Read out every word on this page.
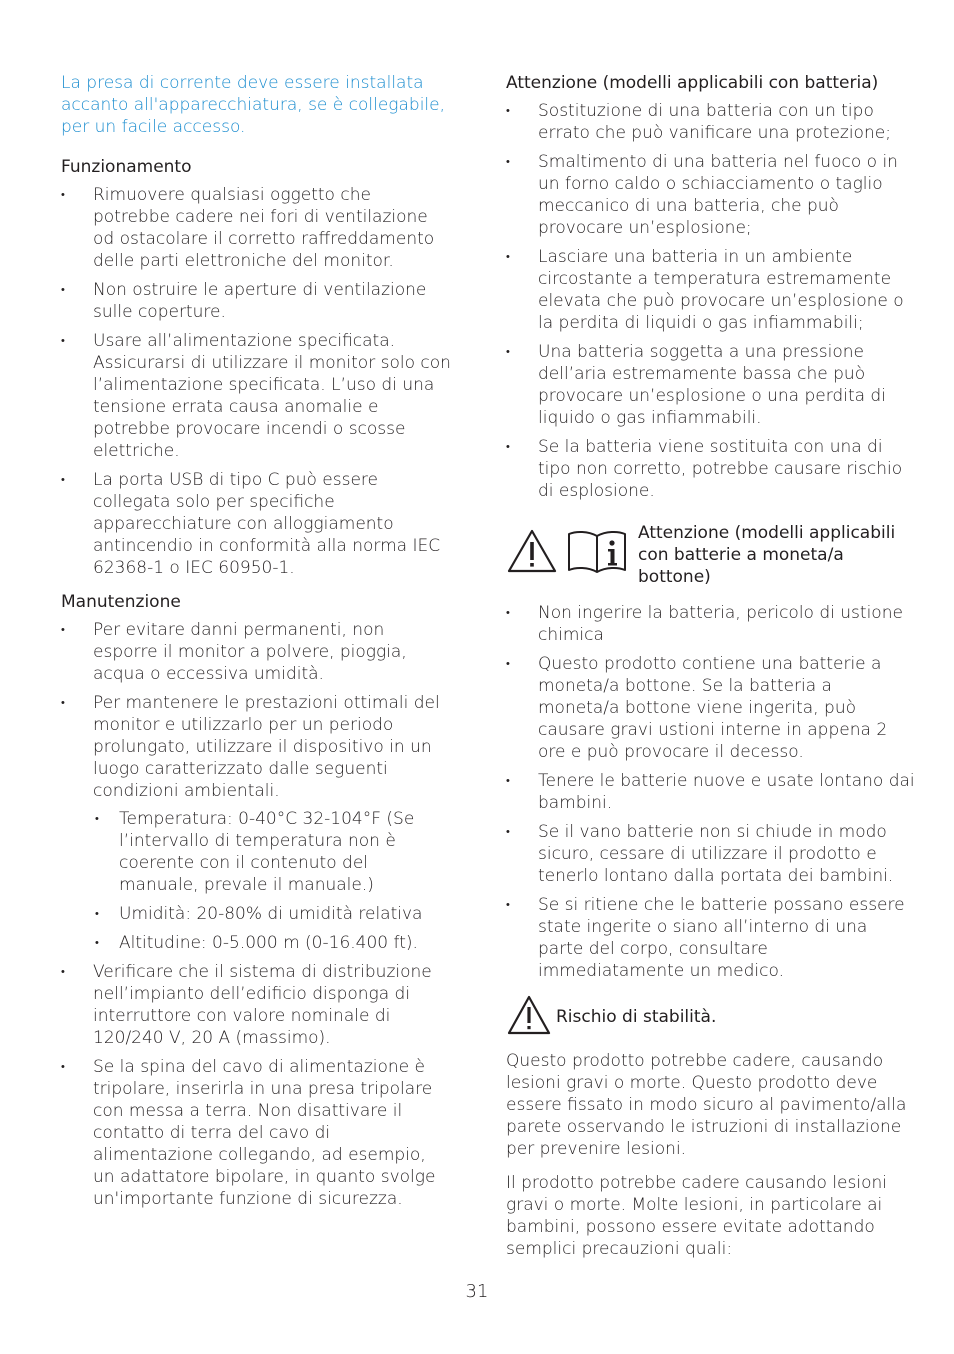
La presa di corrente deve essere installata accanto all'apparecchiatura, se è collegabile, per un facile accesso.

Funzionamento
• Rimuovere qualsiasi oggetto che potrebbe cadere nei fori di ventilazione od ostacolare il corretto raffreddamento delle parti elettroniche del monitor.
• Non ostruire le aperture di ventilazione sulle coperture.
• Usare all’alimentazione specificata. Assicurarsi di utilizzare il monitor solo con l’alimentazione specificata. L’uso di una tensione errata causa anomalie e potrebbe provocare incendi o scosse elettriche.
• La porta USB di tipo C può essere collegata solo per specifiche apparecchiature con alloggiamento antincendio in conformità alla norma IEC 62368-1 o IEC 60950-1.
Manutenzione
• Per evitare danni permanenti, non esporre il monitor a polvere, pioggia, acqua o eccessiva umidità.
• Per mantenere le prestazioni ottimali del monitor e utilizzarlo per un periodo prolungato, utilizzare il dispositivo in un luogo caratterizzato dalle seguenti condizioni ambientali.
• Temperatura: 0-40°C 32-104°F (Se l’intervallo di temperatura non è coerente con il contenuto del manuale, prevale il manuale.)
• Umidità: 20-80% di umidità relativa
• Altitudine: 0-5.000 m (0-16.400 ft).
• Verificare che il sistema di distribuzione nell’impianto dell’edificio disponga di interruttore con valore nominale di 120/240 V, 20 A (massimo).
• Se la spina del cavo di alimentazione è tripolare, inserirla in una presa tripolare con messa a terra. Non disattivare il contatto di terra del cavo di alimentazione collegando, ad esempio, un adattatore bipolare, in quanto svolge un'importante funzione di sicurezza.
Attenzione (modelli applicabili con batteria)
• Sostituzione di una batteria con un tipo errato che può vanificare una protezione;
• Smaltimento di una batteria nel fuoco o in un forno caldo o schiacciamento o taglio meccanico di una batteria, che può provocare un’esplosione;
• Lasciare una batteria in un ambiente circostante a temperatura estremamente elevata che può provocare un’esplosione o la perdita di liquidi o gas infiammabili;
• Una batteria soggetta a una pressione dell’aria estremamente bassa che può provocare un’esplosione o una perdita di liquido o gas infiammabili.
• Se la batteria viene sostituita con una di tipo non corretto, potrebbe causare rischio di esplosione.
Attenzione (modelli applicabili con batterie a moneta/a bottone)
• Non ingerire la batteria, pericolo di ustione chimica
• Questo prodotto contiene una batterie a moneta/a bottone. Se la batteria a moneta/a bottone viene ingerita, può causare gravi ustioni interne in appena 2 ore e può provocare il decesso.
• Tenere le batterie nuove e usate lontano dai bambini.
• Se il vano batterie non si chiude in modo sicuro, cessare di utilizzare il prodotto e tenerlo lontano dalla portata dei bambini.
• Se si ritiene che le batterie possano essere state ingerite o siano all’interno di una parte del corpo, consultare immediatamente un medico.
Rischio di stabilità.

Questo prodotto potrebbe cadere, causando lesioni gravi o morte. Questo prodotto deve essere fissato in modo sicuro al pavimento/alla parete osservando le istruzioni di installazione per prevenire lesioni.

Il prodotto potrebbe cadere causando lesioni gravi o morte. Molte lesioni, in particolare ai bambini, possono essere evitate adottando semplici precauzioni quali:

31
